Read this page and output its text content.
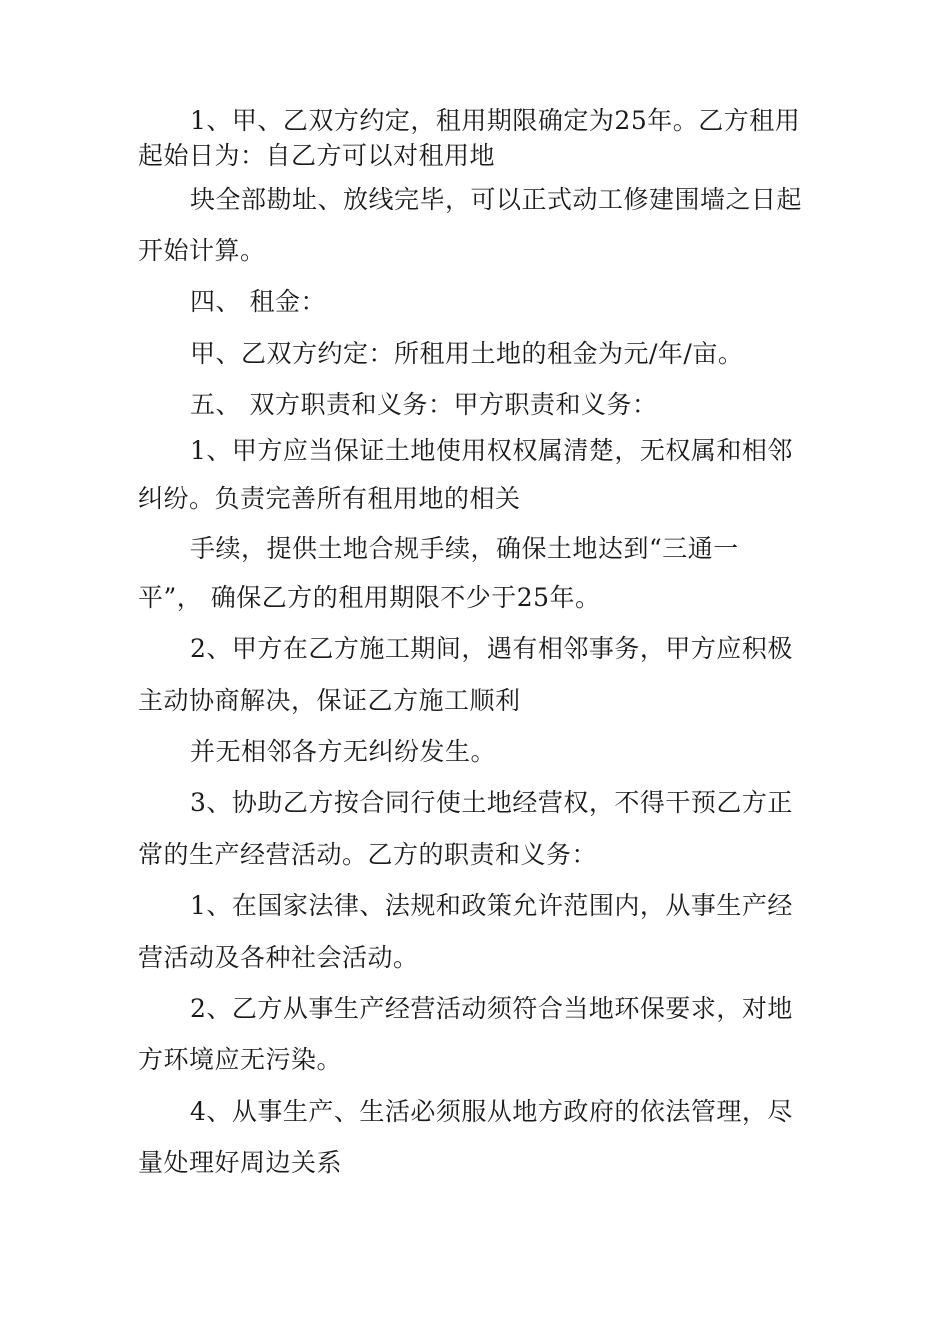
1、甲、乙双方约定，租用期限确定为25年。乙方租用
起始日为：自乙方可以对租用地
块全部勘址、放线完毕，可以正式动工修建围墙之日起
开始计算。
四、 租金：
甲、乙双方约定：所租用土地的租金为元/年/亩。
五、 双方职责和义务：甲方职责和义务：
1、甲方应当保证土地使用权权属清楚，无权属和相邻
纠纷。负责完善所有租用地的相关
手续，提供土地合规手续，确保土地达到“三通一
平”， 确保乙方的租用期限不少于25年。
2、甲方在乙方施工期间，遇有相邻事务，甲方应积极
主动协商解决，保证乙方施工顺利
并无相邻各方无纠纷发生。
3、协助乙方按合同行使土地经营权，不得干预乙方正
常的生产经营活动。乙方的职责和义务：
1、在国家法律、法规和政策允许范围内，从事生产经
营活动及各种社会活动。
2、乙方从事生产经营活动须符合当地环保要求，对地
方环境应无污染。
4、从事生产、生活必须服从地方政府的依法管理，尽
量处理好周边关系
